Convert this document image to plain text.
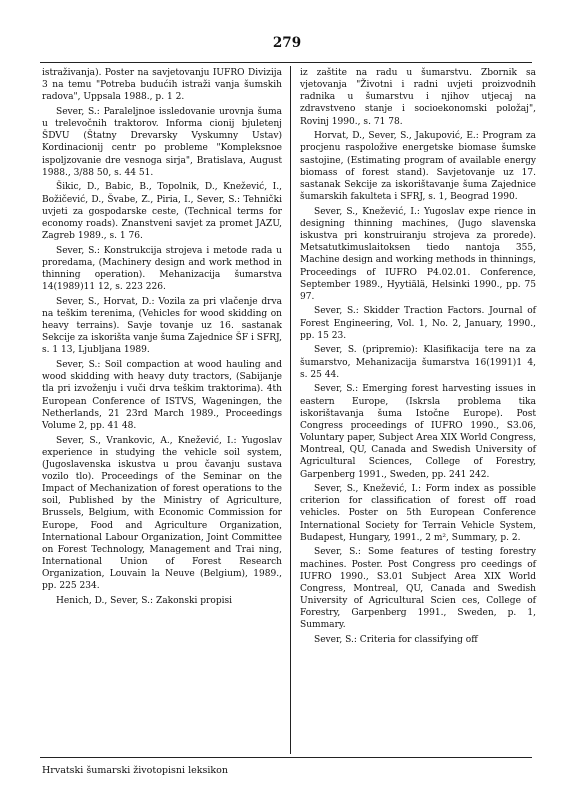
279

istraživanja). Poster na savjetovanju IUFRO Divizija 3 na temu "Potreba budućih istraži vanja šumskih radova", Uppsala 1988., p. 1 2.

Sever, S.: Paraleljnoe issledovanie urovnja šuma u trelevočnih traktorov. Informa cionij bjuletenj ŠDVU (Štatny Drevarsky Vyskumny Ustav) Kordinacionij centr po probleme "Kompleksnoe ispoljzovanie dre vesnoga sirja", Bratislava, August 1988., 3/88 50, s. 44 51.

Šikic, D., Babic, B., Topolnik, D., Knežević, I., Božičević, D., Švabe, Z., Piria, I., Sever, S.: Tehnički uvjeti za gospodarske ceste, (Technical terms for economy roads). Znanstveni savjet za promet JAZU, Zagreb 1989., s. 1 76.

Sever, S.: Konstrukcija strojeva i metode rada u proredama, (Machinery design and work method in thinning operation). Mehanizacija šumarstva 14(1989)11 12, s. 223 226.

Sever, S., Horvat, D.: Vozila za pri vlačenje drva na teškim terenima, (Vehicles for wood skidding on heavy terrains). Savje tovanje uz 16. sastanak Sekcije za iskorišta vanje šuma Zajednice ŠF i SFRJ, s. 1 13, Ljubljana 1989.

Sever, S.: Soil compaction at wood hauling and wood skidding with heavy duty tractors, (Sabijanje tla pri izvoženju i vuči drva teškim traktorima). 4th European Conference of ISTVS, Wageningen, the Netherlands, 21 23rd March 1989., Proceedings Volume 2, pp. 41 48.

Sever, S., Vrankovic, A., Knežević, I.: Yugoslav experience in studying the vehicle soil system, (Jugoslavenska iskustva u prou čavanju sustava vozilo tlo). Proceedings of the Seminar on the Impact of Mechanization of forest operations to the soil, Published by the Ministry of Agriculture, Brussels, Belgium, with Economic Commission for Europe, Food and Agriculture Organization, International Labour Organization, Joint Committee on Forest Technology, Management and Trai ning, International Union of Forest Research Organization, Louvain la Neuve (Belgium), 1989., pp. 225 234.

Henich, D., Sever, S.: Zakonski propisi

iz zaštite na radu u šumarstvu. Zbornik sa vjetovanja "Životni i radni uvjeti proizvodnih radnika u šumarstvu i njihov utjecaj na zdravstveno stanje i socioekonomski položaj", Rovinj 1990., s. 71 78.

Horvat, D., Sever, S., Jakupović, E.: Program za procjenu raspoložive energetske biomase šumske sastojine, (Estimating program of available energy biomass of forest stand). Savjetovanje uz 17. sastanak Sekcije za iskorištavanje šuma Zajednice šumarskih fakulteta i SFRJ, s. 1, Beograd 1990.

Sever, S., Knežević, I.: Yugoslav expe rience in designing thinning machines, (Jugo slavenska iskustva pri konstruiranju strojeva za prorede). Metsatutkimuslaitoksen tiedo nantoja 355, Machine design and working methods in thinnings, Proceedings of IUFRO P4.02.01. Conference, September 1989., Hyytiälä, Helsinki 1990., pp. 75 97.

Sever, S.: Skidder Traction Factors. Journal of Forest Engineering, Vol. 1, No. 2, January, 1990., pp. 15 23.

Sever, S. (pripremio): Klasifikacija tere na za šumarstvo, Mehanizacija šumarstva 16(1991)1 4, s. 25 44.

Sever, S.: Emerging forest harvesting issues in eastern Europe, (Iskrsla problema tika iskorištavanja šuma Istočne Europe). Post Congress proceedings of IUFRO 1990., S3.06, Voluntary paper, Subject Area XIX World Congress, Montreal, QU, Canada and Swedish University of Agricultural Sciences, College of Forestry, Garpenberg 1991., Sweden, pp. 241 242.

Sever, S., Knežević, I.: Form index as possible criterion for classification of forest off road vehicles. Poster on 5th European Conference International Society for Terrain Vehicle System, Budapest, Hungary, 1991., 2 m², Summary, p. 2.

Sever, S.: Some features of testing forestry machines. Poster. Post Congress pro ceedings of IUFRO 1990., S3.01 Subject Area XIX World Congress, Montreal, QU, Canada and Swedish University of Agricultural Scien ces, College of Forestry, Garpenberg 1991., Sweden, p. 1, Summary.

Sever, S.: Criteria for classifying off

Hrvatski šumarski životopisni leksikon
